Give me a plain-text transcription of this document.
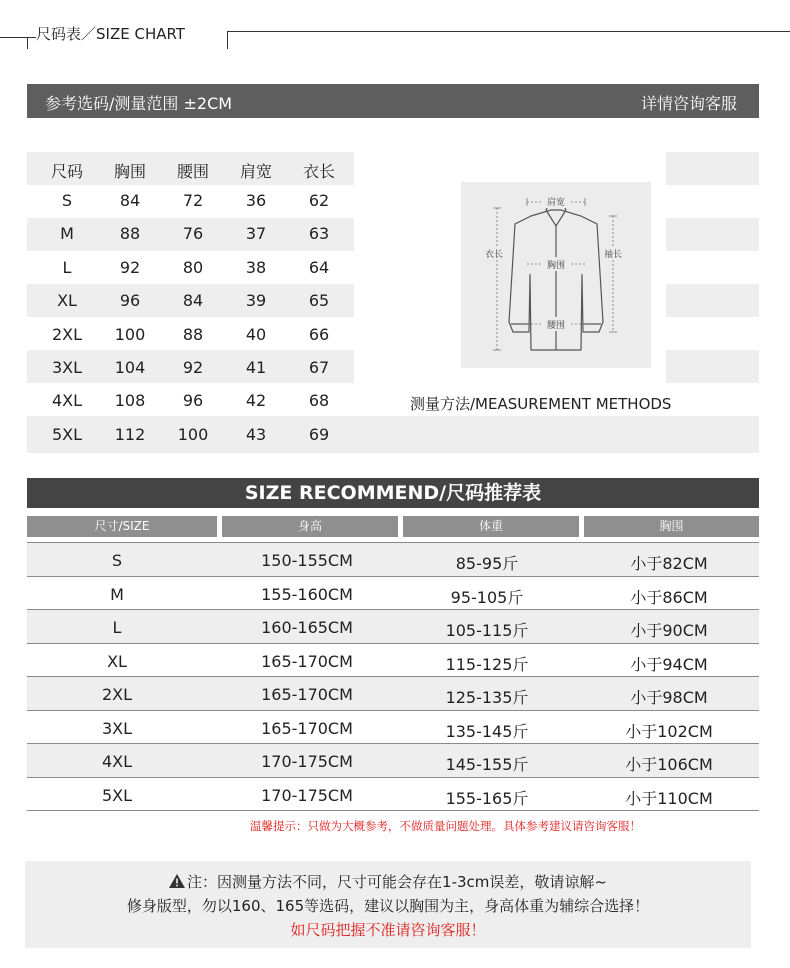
尺码表／SIZE CHART
参考选码/测量范围 ±2CM	详情咨询客服
尺码	胸围	腰围	肩宽	衣长
S	84	72	36	62
M	88	76	37	63
L	92	80	38	64
XL	96	84	39	65
2XL	100	88	40	66
3XL	104	92	41	67
4XL	108	96	42	68
5XL	112	100	43	69
肩宽
胸围
腰围
衣长	袖长
测量方法/MEASUREMENT METHODS
SIZE RECOMMEND/尺码推荐表
尺寸/SIZE	身高	体重	胸围
S	150-155CM	85-95斤	小于82CM
M	155-160CM	95-105斤	小于86CM
L	160-165CM	105-115斤	小于90CM
XL	165-170CM	115-125斤	小于94CM
2XL	165-170CM	125-135斤	小于98CM
3XL	165-170CM	135-145斤	小于102CM
4XL	170-175CM	145-155斤	小于106CM
5XL	170-175CM	155-165斤	小于110CM
温馨提示：只做为大概参考，不做质量问题处理。具体参考建议请咨询客服！
注：因测量方法不同，尺寸可能会存在1-3cm误差，敬请谅解~
修身版型，勿以160、165等选码，建议以胸围为主，身高体重为辅综合选择！
如尺码把握不准请咨询客服！
